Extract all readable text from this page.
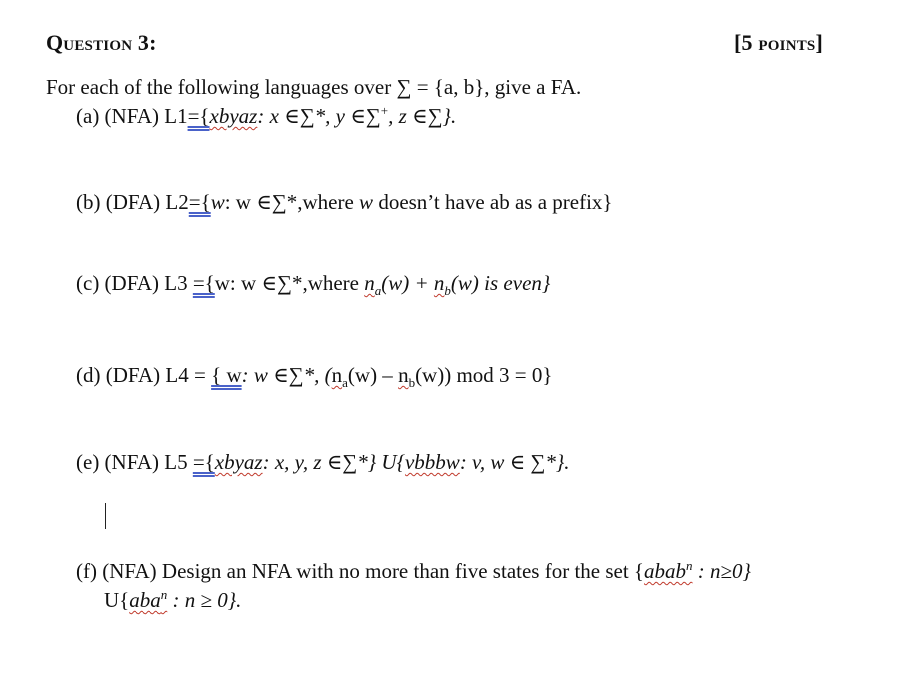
Question 3:	[5 points]
For each of the following languages over ∑ = {a, b}, give a FA.
(a) (NFA) L1={xbyaz: x ∈∑*, y ∈∑+, z ∈∑}.
(b) (DFA) L2={w: w ∈∑*,where w doesn’t have ab as a prefix}
(c) (DFA) L3 ={w: w ∈∑*,where $n_a(w) + n_b(w)$ is even}
(d) (DFA) L4 = { w: w ∈∑*, $(n_a(w) - n_b(w))$ mod 3 = 0}
(e) (NFA) L5 ={xbyaz: x, y, z ∈∑*} U{vbbbw: v, w ∈ ∑*}.
(f) (NFA) Design an NFA with no more than five states for the set {abab$^n$ : n≥0}
U{aba$^n$ : n ≥ 0}.
